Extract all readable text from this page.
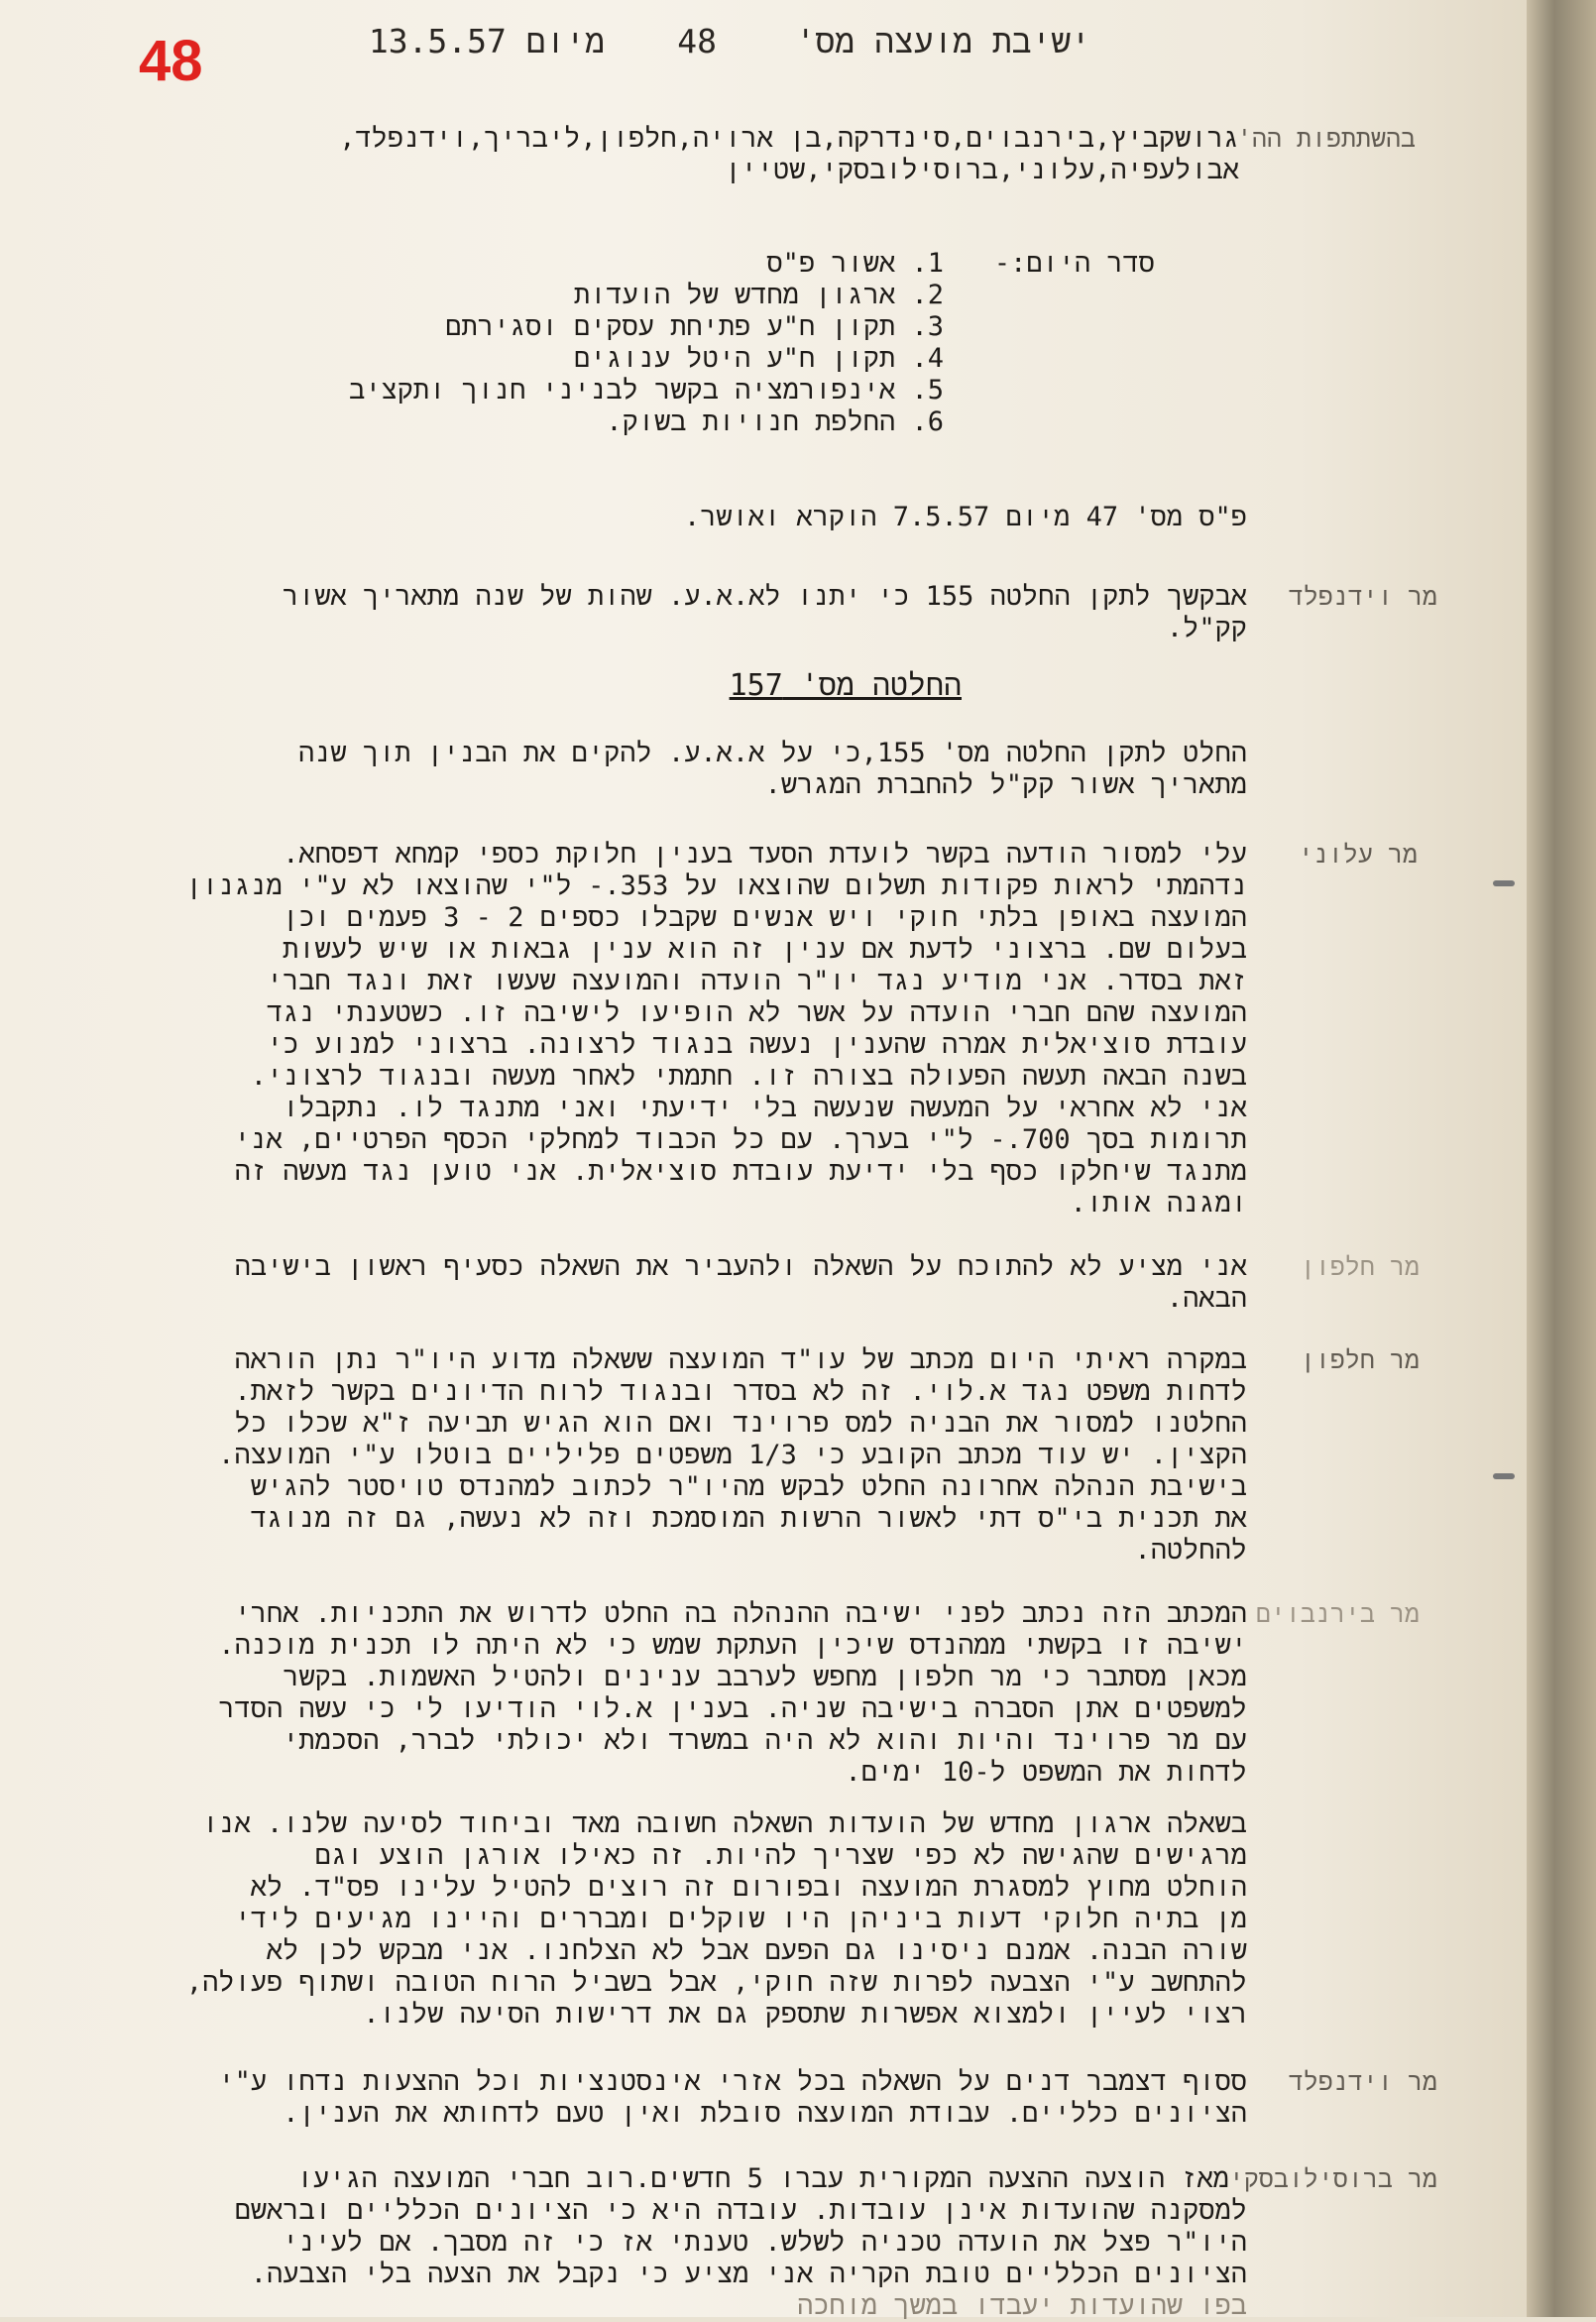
48	ישיבת מועצה מס'  48
מיום 13.5.57
בהשתתפות הה'
גרושקביץ,בירנבוים,סינדרקה,בן ארויה,חלפון,ליבריך,וידנפלד,
אבולעפיה,עלוני,ברוסילובסקי,שטיין
סדר היום:-
1. אשור פ"ס
2. ארגון מחדש של הועדות
3. תקון ח"ע פתיחת עסקים וסגירתם
4. תקון ח"ע היטל ענוגים
5. אינפורמציה בקשר לבניני חנוך ותקציב
6. החלפת חנויות בשוק.
פ"ס מס' 47 מיום 7.5.57 הוקרא ואושר.
מר וידנפלד
אבקשך לתקן החלטה 155 כי יתנו לא.א.ע. שהות של שנה מתאריך אשור
קק"ל.
החלטה מס' 157
החלט לתקן החלטה מס' 155,כי על א.א.ע. להקים את הבנין תוך שנה
מתאריך אשור קק"ל להחברת המגרש.
מר עלוני
עלי למסור הודעה בקשר לועדת הסעד בענין חלוקת כספי קמחא דפסחא.
נדהמתי לראות פקודות תשלום שהוצאו על 353.- ל"י שהוצאו לא ע"י מנגנון
המועצה באופן בלתי חוקי ויש אנשים שקבלו כספים 2 - 3 פעמים וכן
בעלום שם. ברצוני לדעת אם ענין זה הוא ענין גבאות או שיש לעשות
זאת בסדר. אני מודיע נגד יו"ר הועדה והמועצה שעשו זאת ונגד חברי
המועצה שהם חברי הועדה על אשר לא הופיעו לישיבה זו. כשטענתי נגד
עובדת סוציאלית אמרה שהענין נעשה בנגוד לרצונה. ברצוני למנוע כי
בשנה הבאה תעשה הפעולה בצורה זו. חתמתי לאחר מעשה ובנגוד לרצוני.
אני לא אחראי על המעשה שנעשה בלי ידיעתי ואני מתנגד לו. נתקבלו
תרומות בסך 700.- ל"י בערך. עם כל הכבוד למחלקי הכסף הפרטיים, אני
מתנגד שיחלקו כסף בלי ידיעת עובדת סוציאלית. אני טוען נגד מעשה זה
ומגנה אותו.
מר חלפון
אני מציע לא להתוכח על השאלה ולהעביר את השאלה כסעיף ראשון בישיבה
הבאה.
מר חלפון
במקרה ראיתי היום מכתב של עו"ד המועצה ששאלה מדוע היו"ר נתן הוראה
לדחות משפט נגד א.לוי. זה לא בסדר ובנגוד לרוח הדיונים בקשר לזאת.
החלטנו למסור את הבניה למס פרוינד ואם הוא הגיש תביעה ז"א שכלו כל
הקצין. יש עוד מכתב הקובע כי 1/3 משפטים פליליים בוטלו ע"י המועצה.
בישיבת הנהלה אחרונה החלט לבקש מהיו"ר לכתוב למהנדס טויסטר להגיש
את תכנית בי"ס דתי לאשור הרשות המוסמכת וזה לא נעשה, גם זה מנוגד
להחלטה.
מר בירנבוים
המכתב הזה נכתב לפני ישיבה ההנהלה בה החלט לדרוש את התכניות. אחרי
ישיבה זו בקשתי ממהנדס שיכין העתקת שמש כי לא היתה לו תכנית מוכנה.
מכאן מסתבר כי מר חלפון מחפש לערבב ענינים ולהטיל האשמות. בקשר
למשפטים אתן הסברה בישיבה שניה. בענין א.לוי הודיעו לי כי עשה הסדר
עם מר פרוינד והיות והוא לא היה במשרד ולא יכולתי לברר, הסכמתי
לדחות את המשפט ל-10 ימים.
בשאלה ארגון מחדש של הועדות השאלה חשובה מאד וביחוד לסיעה שלנו. אנו
מרגישים שהגישה לא כפי שצריך להיות. זה כאילו אורגן הוצע וגם
הוחלט מחוץ למסגרת המועצה ובפורום זה רוצים להטיל עלינו פס"ד. לא
מן בתיה חלוקי דעות ביניהן היו שוקלים ומבררים והיינו מגיעים לידי
שורה הבנה. אמנם ניסינו גם הפעם אבל לא הצלחנו. אני מבקש לכן לא
להתחשב ע"י הצבעה לפרות שזה חוקי, אבל בשביל הרוח הטובה ושתוף פעולה,
רצוי לעיין ולמצוא אפשרות שתספק גם את דרישות הסיעה שלנו.
מר וידנפלד
ססוף דצמבר דנים על השאלה בכל אזרי אינסטנציות וכל ההצעות נדחו ע"י
הציונים כלליים. עבודת המועצה סובלת ואין טעם לדחותא את הענין.
מר ברוסילובסקי
מאז הוצעה ההצעה המקורית עברו 5 חדשים.רוב חברי המועצה הגיעו
למסקנה שהועדות אינן עובדות. עובדה היא כי הציונים הכלליים ובראשם
היו"ר פצל את הועדה טכניה לשלש. טענתי אז כי זה מסבך. אם לעיני
הציונים הכלליים טובת הקריה אני מציע כי נקבל את הצעה בלי הצבעה.
בפו שהועדות יעבדו במשך מוחכה
